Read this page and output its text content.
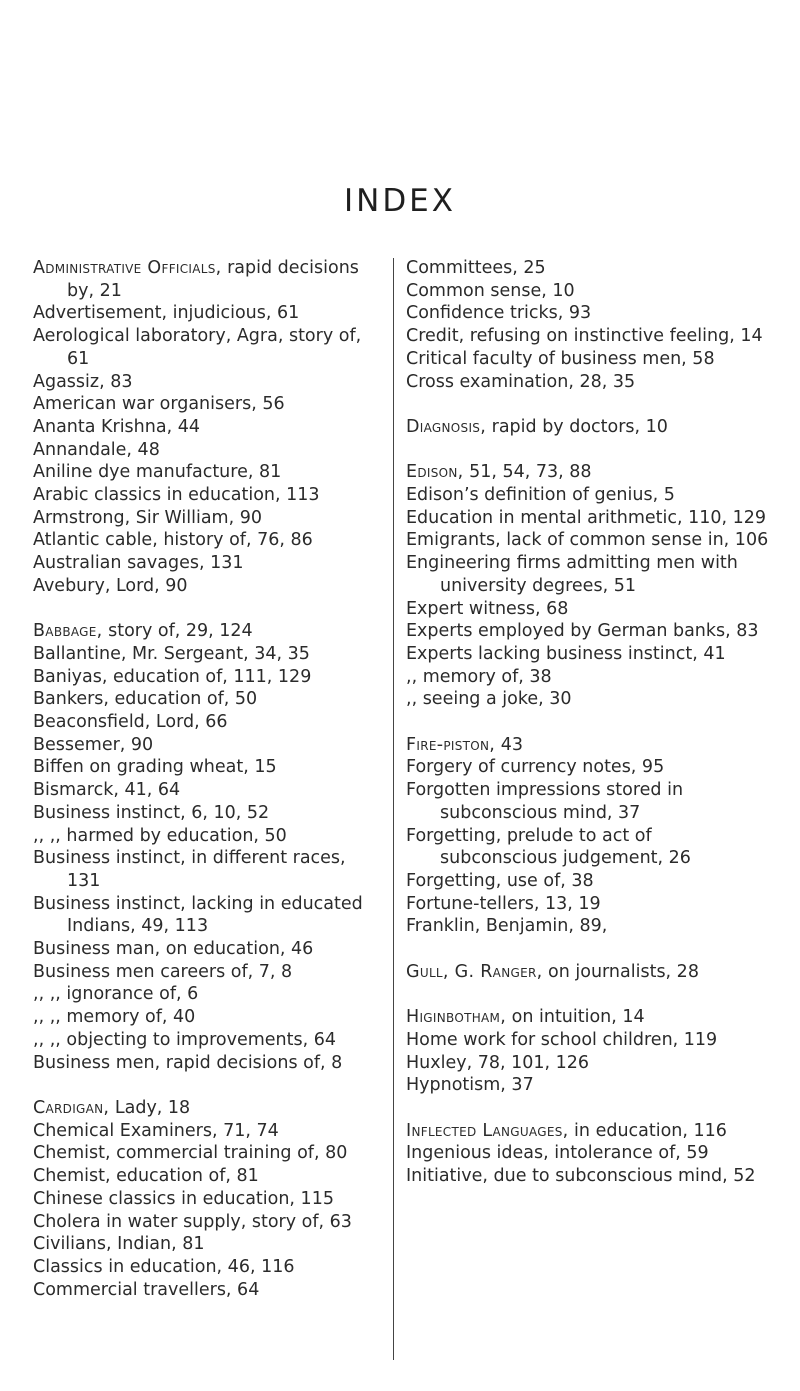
INDEX
Administrative Officials, rapid decisions by, 21
Advertisement, injudicious, 61
Aerological laboratory, Agra, story of, 61
Agassiz, 83
American war organisers, 56
Ananta Krishna, 44
Annandale, 48
Aniline dye manufacture, 81
Arabic classics in education, 113
Armstrong, Sir William, 90
Atlantic cable, history of, 76, 86
Australian savages, 131
Avebury, Lord, 90
Babbage, story of, 29, 124
Ballantine, Mr. Sergeant, 34, 35
Baniyas, education of, 111, 129
Bankers, education of, 50
Beaconsfield, Lord, 66
Bessemer, 90
Biffen on grading wheat, 15
Bismarck, 41, 64
Business instinct, 6, 10, 52
,, ,, harmed by education, 50
Business instinct, in different races, 131
Business instinct, lacking in educated Indians, 49, 113
Business man, on education, 46
Business men careers of, 7, 8
,, ,, ignorance of, 6
,, ,, memory of, 40
,, ,, objecting to improvements, 64
Business men, rapid decisions of, 8
Cardigan, Lady, 18
Chemical Examiners, 71, 74
Chemist, commercial training of, 80
Chemist, education of, 81
Chinese classics in education, 115
Cholera in water supply, story of, 63
Civilians, Indian, 81
Classics in education, 46, 116
Commercial travellers, 64
Committees, 25
Common sense, 10
Confidence tricks, 93
Credit, refusing on instinctive feeling, 14
Critical faculty of business men, 58
Cross examination, 28, 35
Diagnosis, rapid by doctors, 10
Edison, 51, 54, 73, 88
Edison’s definition of genius, 5
Education in mental arithmetic, 110, 129
Emigrants, lack of common sense in, 106
Engineering firms admitting men with university degrees, 51
Expert witness, 68
Experts employed by German banks, 83
Experts lacking business instinct, 41
,, memory of, 38
,, seeing a joke, 30
Fire-piston, 43
Forgery of currency notes, 95
Forgotten impressions stored in subconscious mind, 37
Forgetting, prelude to act of subconscious judgement, 26
Forgetting, use of, 38
Fortune-tellers, 13, 19
Franklin, Benjamin, 89,
Gull, G. Ranger, on journalists, 28
Higinbotham, on intuition, 14
Home work for school children, 119
Huxley, 78, 101, 126
Hypnotism, 37
Inflected Languages, in education, 116
Ingenious ideas, intolerance of, 59
Initiative, due to subconscious mind, 52
